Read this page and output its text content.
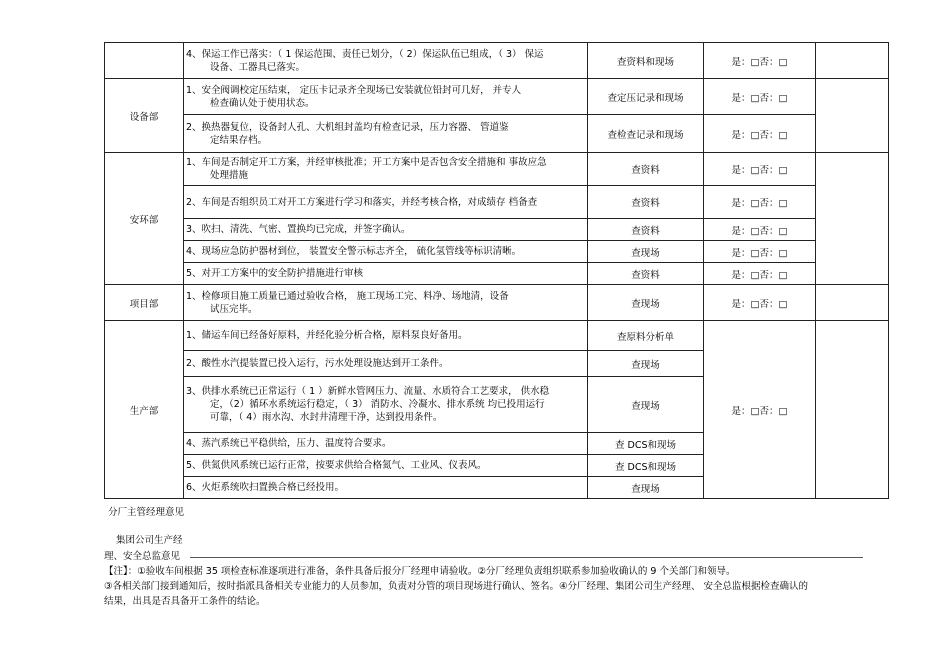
	4、保运工作已落实：（ 1 保运范围、责任已划分，（ 2）保运队伍已组成，（ 3） 保运
设备、工器具已落实。	查资料和现场	是：□否：□	
设备部	1、安全阀调校定压结束， 定压卡记录齐全现场已安装就位铅封可几好， 并专人
检查确认处于使用状态。	查定压记录和现场	是：□否：□	
	2、换热器复位，设备封人孔、大机组封盖均有检查记录，压力容器、 管道鉴
定结果存档。	查检查记录和现场	是：□否：□	
安环部	1、车间是否制定开工方案，并经审核批准；开工方案中是否包含安全措施和 事故应急
处理措施	查资料	是：□否：□	
	2、车间是否组织员工对开工方案进行学习和落实，并经考核合格，对成绩存 档备查	查资料	是：□否：□	
	3、吹扫、清洗、气密、置换均已完成，并签字确认。	查资料	是：□否：□	
	4、现场应急防护器材到位， 装置安全警示标志齐全， 硫化氢管线等标识清晰。	查现场	是：□否：□	
	5、对开工方案中的安全防护措施进行审核	查资料	是：□否：□	
项目部	1、检修项目施工质量已通过验收合格， 施工现场工完、料净、场地清，设备
试压完毕。	查现场	是：□否：□	
生产部	1、储运车间已经备好原料，并经化验分析合格，原料泵良好备用。	查原料分析单	是：□否：□	
	2、酸性水汽提装置已投入运行，污水处理设施达到开工条件。	查现场		
	3、供排水系统已正常运行（ 1 ）新鲜水管网压力、流量、水质符合工艺要求， 供水稳
定，（2）循环水系统运行稳定，（ 3） 消防水、冷凝水、排水系统 均已投用运行
可靠，（ 4）雨水沟、水封井清理干净，达到投用条件。	查现场		
	4、蒸汽系统已平稳供给，压力、温度符合要求。	查 DCS和现场		
	5、供氮供风系统已运行正常，按要求供给合格氮气、工业风、仪表风。	查 DCS和现场		
	6、火炬系统吹扫置换合格已经投用。	查现场		
分厂主管经理意见
集团公司生产经
理、安全总监意见
【注】：①验收车间根据 35 项检查标准逐项进行准备，条件具备后报分厂经理申请验收。②分厂经理负责组织联系参加验收确认的 9 个关部门和领导。
③各相关部门接到通知后，按时指派具备相关专业能力的人员参加，负责对分管的项目现场进行确认、签名。④分厂经理、集团公司生产经理、 安全总监根据检查确认的
结果，出具是否具备开工条件的结论。
